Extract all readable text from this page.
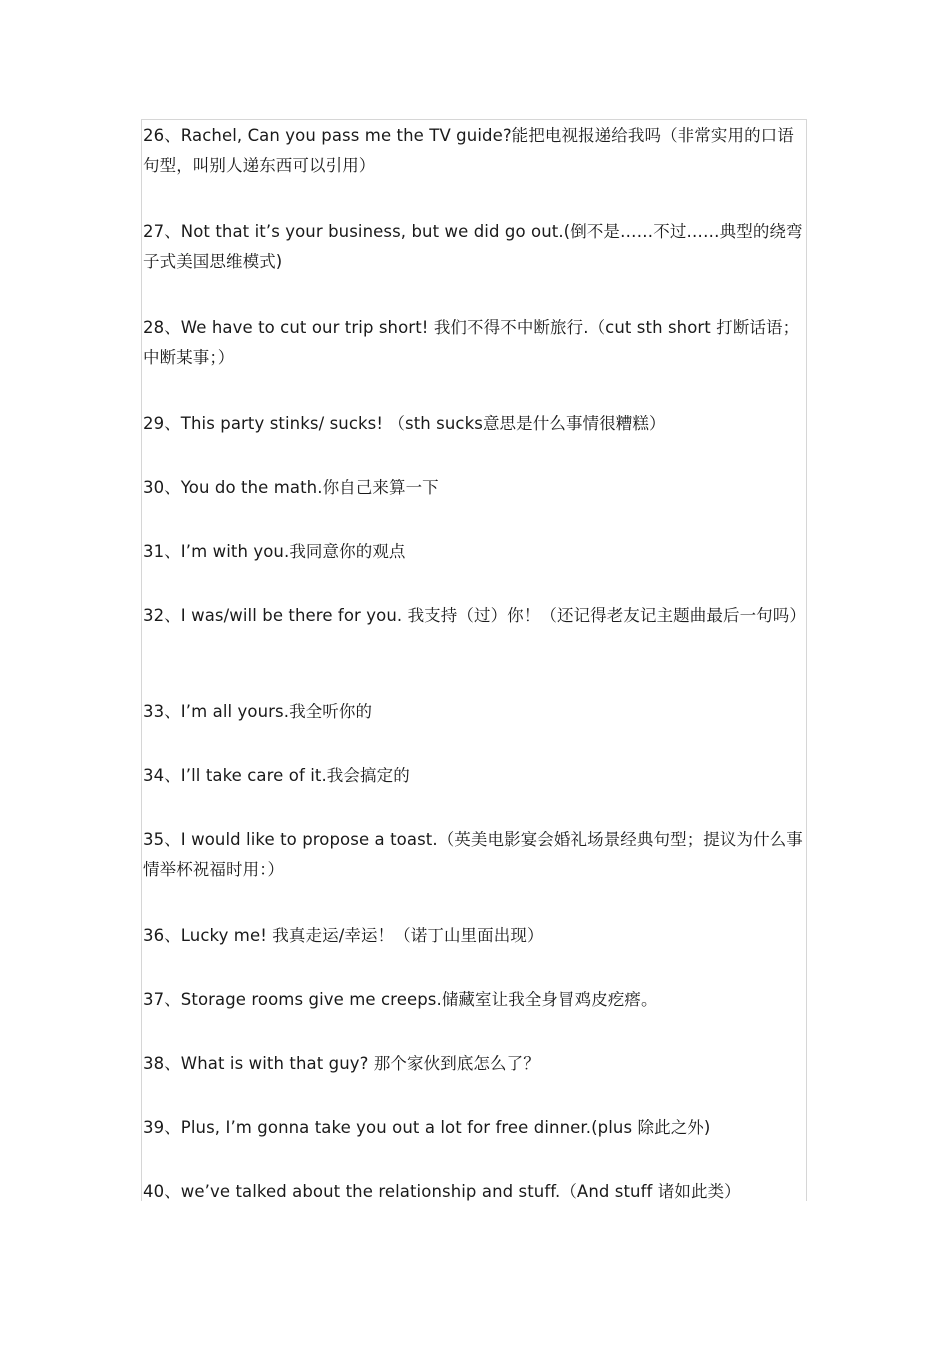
26、Rachel, Can you pass me the TV guide?能把电视报递给我吗（非常实用的口语句型，叫别人递东西可以引用）
27、Not that it’s your business, but we did go out.(倒不是……不过……典型的绕弯子式美国思维模式)
28、We have to cut our trip short! 我们不得不中断旅行.（cut sth short 打断话语；中断某事；）
29、This party stinks/ sucks! （sth sucks意思是什么事情很糟糕）
30、You do the math.你自己来算一下
31、I’m with you.我同意你的观点
32、I was/will be there for you. 我支持（过）你！（还记得老友记主题曲最后一句吗）
33、I’m all yours.我全听你的
34、I’ll take care of it.我会搞定的
35、I would like to propose a toast.（英美电影宴会婚礼场景经典句型；提议为什么事情举杯祝福时用：）
36、Lucky me! 我真走运/幸运！（诺丁山里面出现）
37、Storage rooms give me creeps.储藏室让我全身冒鸡皮疙瘩。
38、What is with that guy? 那个家伙到底怎么了？
39、Plus, I’m gonna take you out a lot for free dinner.(plus 除此之外)
40、we’ve talked about the relationship and stuff.（And stuff 诸如此类）
